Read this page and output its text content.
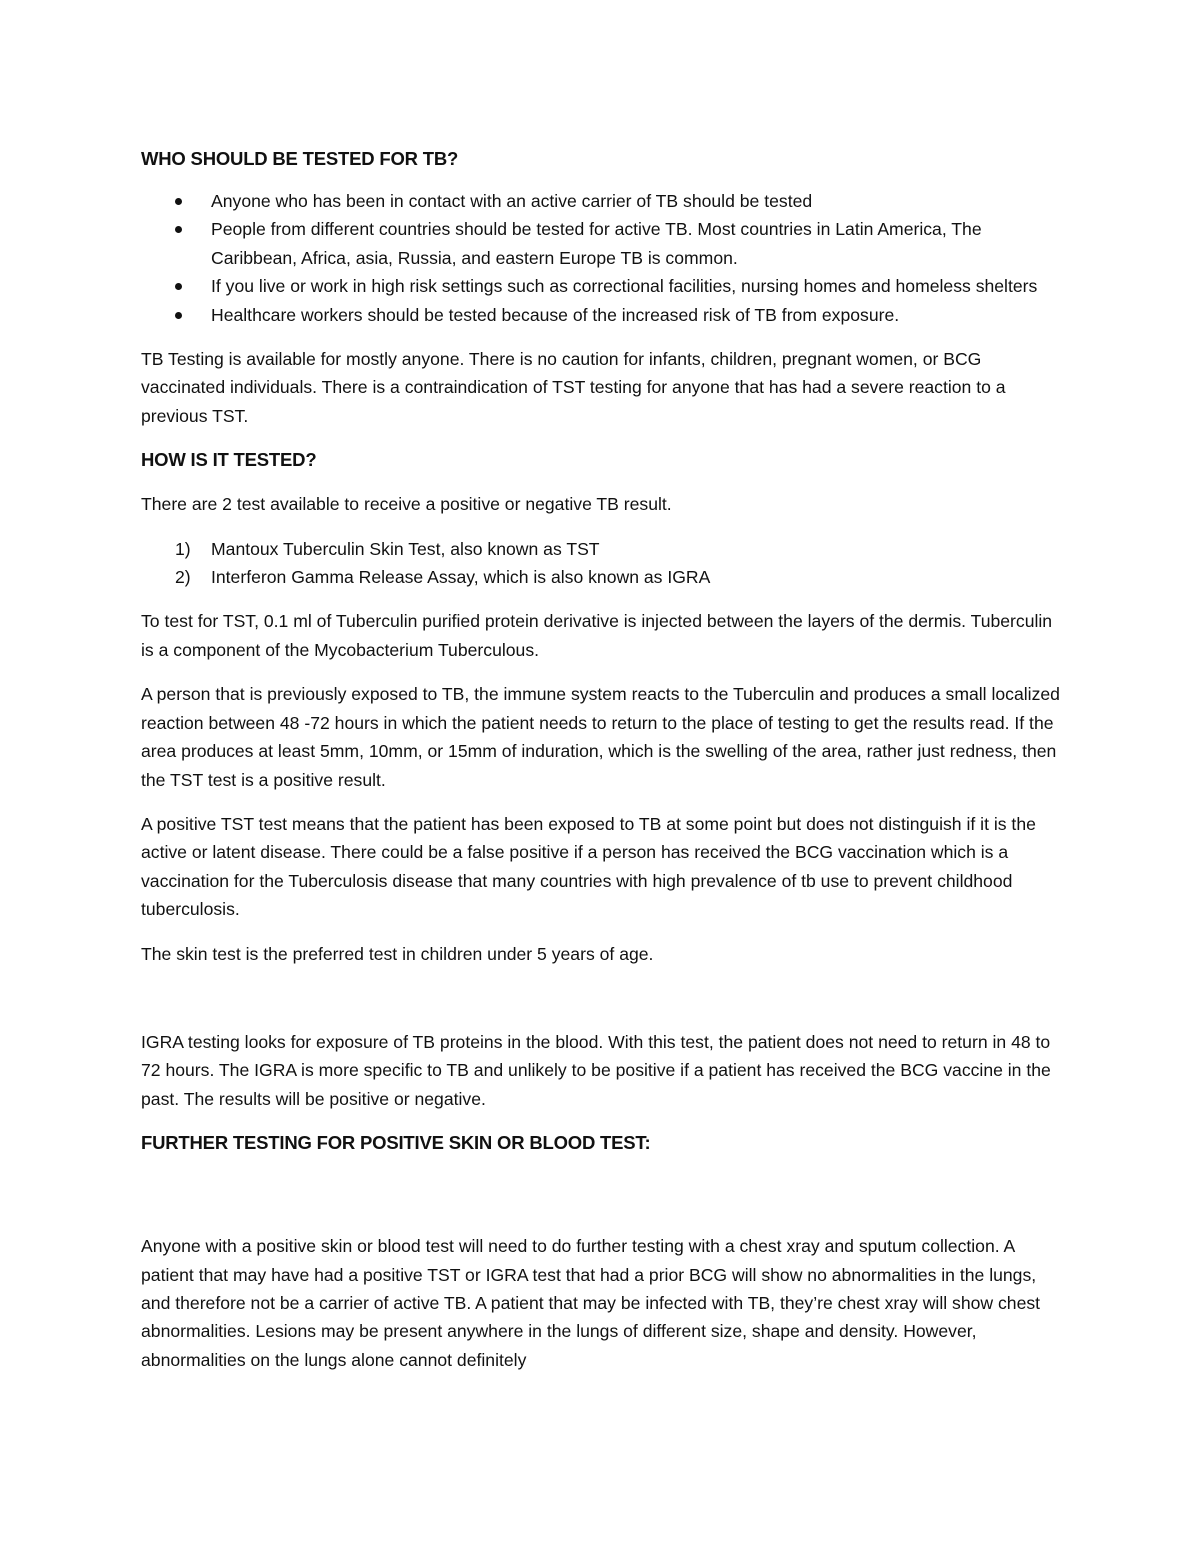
WHO SHOULD BE TESTED FOR TB?
Anyone who has been in contact with an active carrier of TB should be tested
People from different countries should be tested for active TB. Most countries in Latin America, The Caribbean, Africa, asia, Russia, and eastern Europe TB is common.
If you live or work in high risk settings such as correctional facilities, nursing homes and homeless shelters
Healthcare workers should be tested because of the increased risk of TB from exposure.

TB Testing is available for mostly anyone. There is no caution for infants, children, pregnant women, or BCG vaccinated individuals. There is a contraindication of TST testing for anyone that has had a severe reaction to a previous TST.

HOW IS IT TESTED?

There are 2 test available to receive a positive or negative TB result.

1) Mantoux Tuberculin Skin Test, also known as TST
2) Interferon Gamma Release Assay, which is also known as IGRA

To test for TST, 0.1 ml of Tuberculin purified protein derivative is injected between the layers of the dermis. Tuberculin is a component of the Mycobacterium Tuberculous.

A person that is previously exposed to TB, the immune system reacts to the Tuberculin and produces a small localized reaction between 48 -72 hours in which the patient needs to return to the place of testing to get the results read. If the area produces at least 5mm, 10mm, or 15mm of induration, which is the swelling of the area, rather just redness, then the TST test is a positive result.

A positive TST test means that the patient has been exposed to TB at some point but does not distinguish if it is the active or latent disease. There could be a false positive if a person has received the BCG vaccination which is a vaccination for the Tuberculosis disease that many countries with high prevalence of tb use to prevent childhood tuberculosis.

The skin test is the preferred test in children under 5 years of age.

IGRA testing looks for exposure of TB proteins in the blood. With this test, the patient does not need to return in 48 to 72 hours. The IGRA is more specific to TB and unlikely to be positive if a patient has received the BCG vaccine in the past. The results will be positive or negative.

FURTHER TESTING FOR POSITIVE SKIN OR BLOOD TEST:

Anyone with a positive skin or blood test will need to do further testing with a chest xray and sputum collection. A patient that may have had a positive TST or IGRA test that had a prior BCG will show no abnormalities in the lungs, and therefore not be a carrier of active TB. A patient that may be infected with TB, they’re chest xray will show chest abnormalities. Lesions may be present anywhere in the lungs of different size, shape and density. However, abnormalities on the lungs alone cannot definitely
